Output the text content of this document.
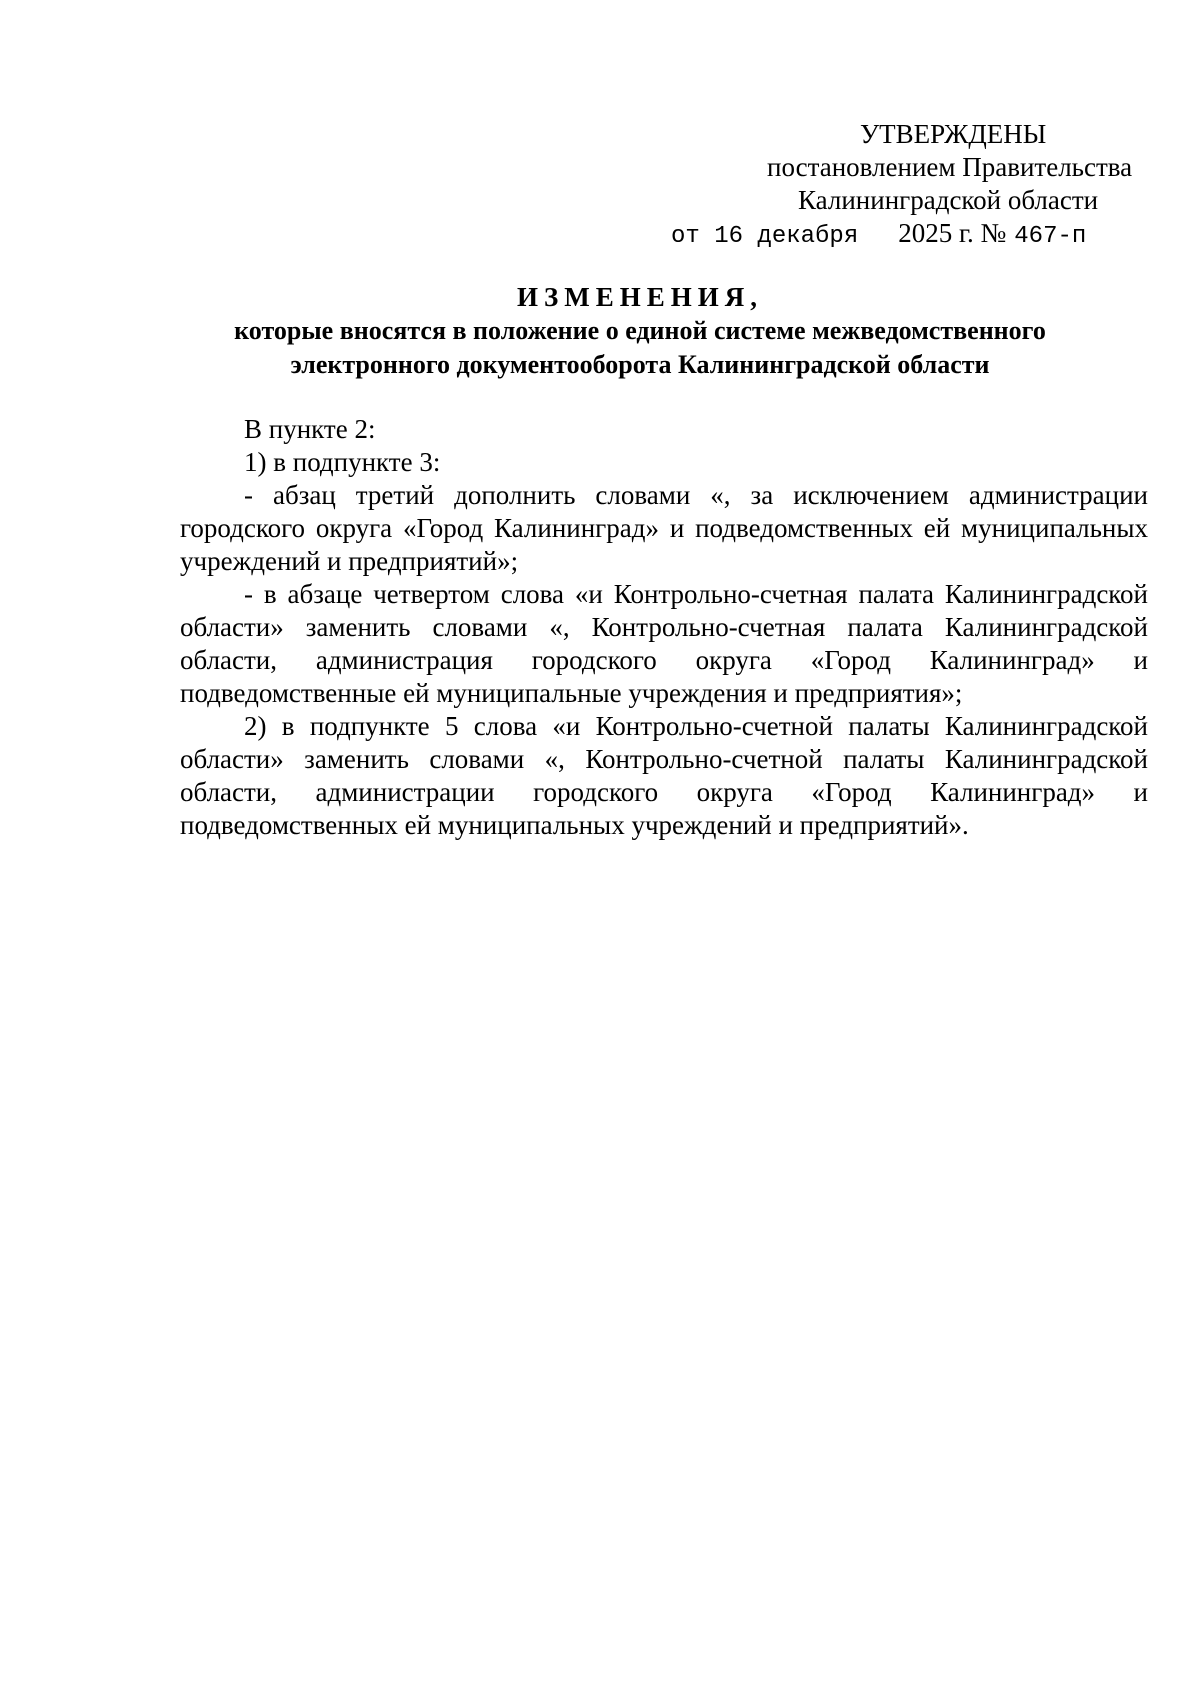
УТВЕРЖДЕНЫ
постановлением Правительства
Калининградской области
от 16 декабря 2025 г. № 467-п
ИЗМЕНЕНИЯ,
которые вносятся в положение о единой системе межведомственного электронного документооборота Калининградской области

В пункте 2:

1) в подпункте 3:

- абзац третий дополнить словами «, за исключением администрации городского округа «Город Калининград» и подведомственных ей муниципальных учреждений и предприятий»;

- в абзаце четвертом слова «и Контрольно-счетная палата Калининградской области» заменить словами «, Контрольно-счетная палата Калининградской области, администрация городского округа «Город Калининград» и подведомственные ей муниципальные учреждения и предприятия»;

2) в подпункте 5 слова «и Контрольно-счетной палаты Калининградской области» заменить словами «, Контрольно-счетной палаты Калининградской области, администрации городского округа «Город Калининград» и подведомственных ей муниципальных учреждений и предприятий».
